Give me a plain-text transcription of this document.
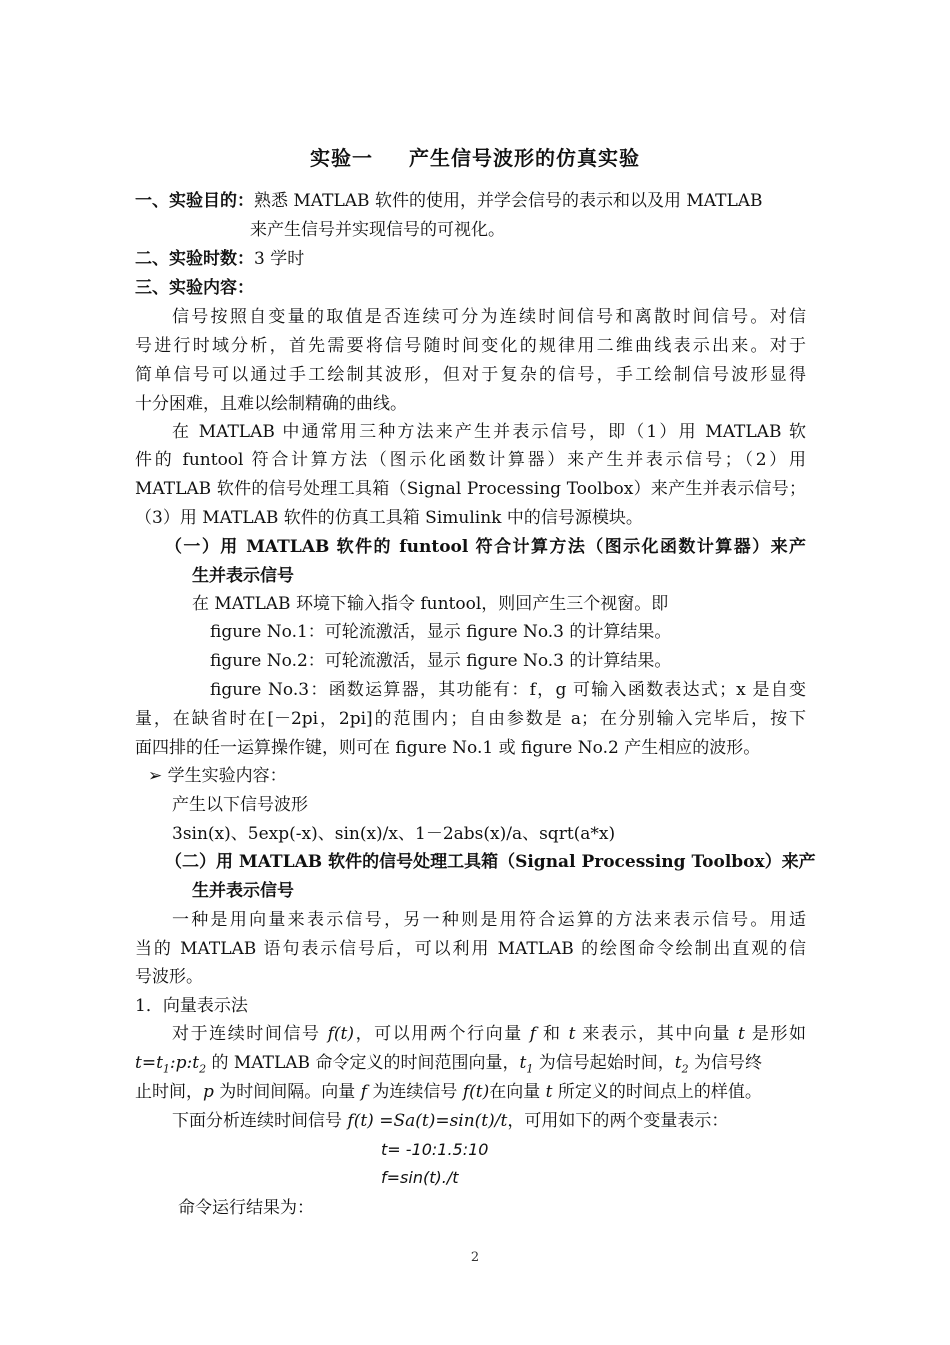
实验一 产生信号波形的仿真实验
一、实验目的：熟悉 MATLAB 软件的使用，并学会信号的表示和以及用 MATLAB
来产生信号并实现信号的可视化。
二、实验时数：3 学时
三、实验内容：
信号按照自变量的取值是否连续可分为连续时间信号和离散时间信号。对信
号进行时域分析，首先需要将信号随时间变化的规律用二维曲线表示出来。对于
简单信号可以通过手工绘制其波形，但对于复杂的信号，手工绘制信号波形显得
十分困难，且难以绘制精确的曲线。
在 MATLAB 中通常用三种方法来产生并表示信号，即（1）用 MATLAB 软
件的 funtool 符合计算方法（图示化函数计算器）来产生并表示信号；（2）用
MATLAB 软件的信号处理工具箱（Signal Processing Toolbox）来产生并表示信号；
（3）用 MATLAB 软件的仿真工具箱 Simulink 中的信号源模块。
（一）用 MATLAB 软件的 funtool 符合计算方法（图示化函数计算器）来产
生并表示信号
在 MATLAB 环境下输入指令 funtool，则回产生三个视窗。即
figure No.1：可轮流激活，显示 figure No.3 的计算结果。
figure No.2：可轮流激活，显示 figure No.3 的计算结果。
figure No.3：函数运算器，其功能有：f，g 可输入函数表达式；x 是自变
量，在缺省时在[－2pi，2pi]的范围内；自由参数是 a；在分别输入完毕后，按下
面四排的任一运算操作键，则可在 figure No.1 或 figure No.2 产生相应的波形。
➢ 学生实验内容：
产生以下信号波形
3sin(x)、5exp(-x)、sin(x)/x、1－2abs(x)/a、sqrt(a*x)
（二）用 MATLAB 软件的信号处理工具箱（Signal Processing Toolbox）来产
生并表示信号
一种是用向量来表示信号，另一种则是用符合运算的方法来表示信号。用适
当的 MATLAB 语句表示信号后，可以利用 MATLAB 的绘图命令绘制出直观的信
号波形。
1．向量表示法
对于连续时间信号 f(t)，可以用两个行向量 f 和 t 来表示，其中向量 t 是形如
$t=t_1:p:t_2$ 的 MATLAB 命令定义的时间范围向量，$t_1$ 为信号起始时间，$t_2$ 为信号终
止时间，p 为时间间隔。向量 f 为连续信号 f(t)在向量 t 所定义的时间点上的样值。
下面分析连续时间信号 f(t) =Sa(t)=sin(t)/t，可用如下的两个变量表示：
t= -10:1.5:10
f=sin(t)./t
命令运行结果为：
2
